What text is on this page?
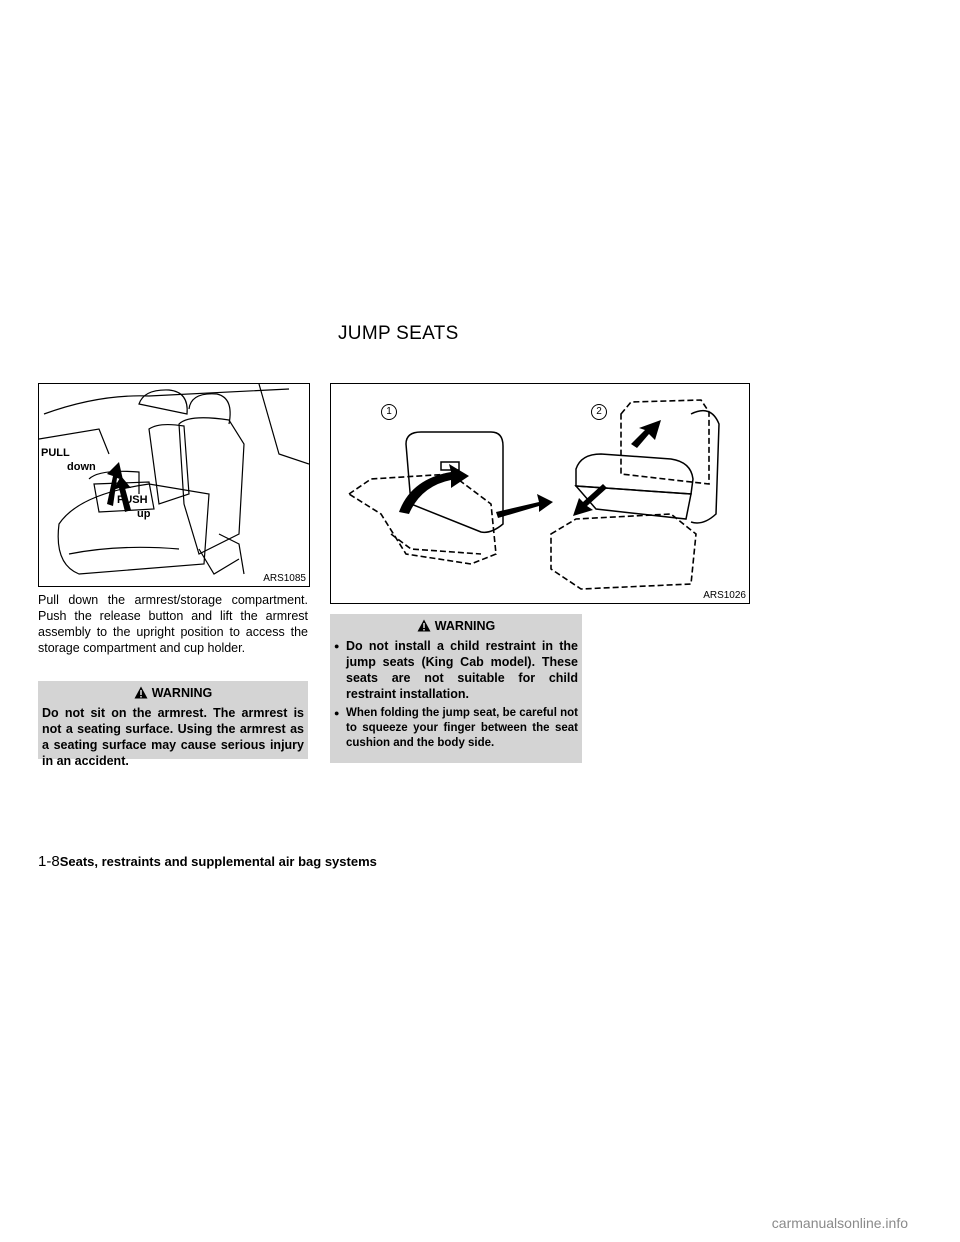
JUMP SEATS
PULL
down
PUSH
up
ARS1085
1	2
ARS1026

Pull down the armrest/storage compartment. Push the release button and lift the armrest assembly to the upright position to access the storage compartment and cup holder.

WARNING

Do not sit on the armrest. The armrest is not a seating surface. Using the armrest as a seating surface may cause serious injury in an accident.

WARNING
● Do not install a child restraint in the jump seats (King Cab model). These seats are not suitable for child restraint installation.
● When folding the jump seat, be careful not to squeeze your finger between the seat cushion and the body side.
1-8Seats, restraints and supplemental air bag systems
carmanualsonline.info
